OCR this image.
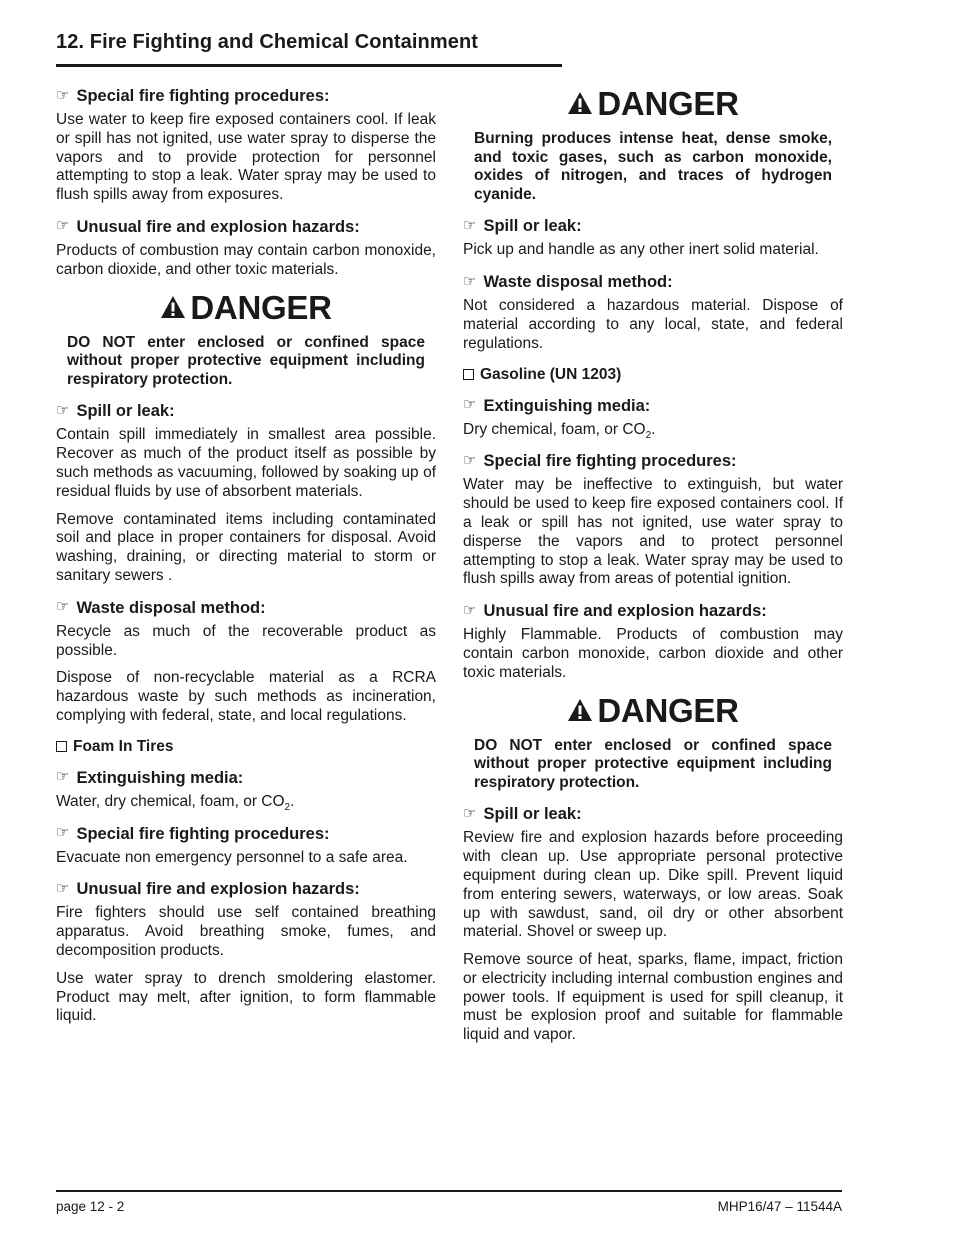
12. Fire Fighting and Chemical Containment
☞ Special fire fighting procedures:

Use water to keep fire exposed containers cool. If leak or spill has not ignited, use water spray to disperse the vapors and to provide protection for personnel attempting to stop a leak. Water spray may be used to flush spills away from exposures.

☞ Unusual fire and explosion hazards:

Products of combustion may contain carbon monoxide, carbon dioxide, and other toxic materials.

DANGER
DO NOT enter enclosed or confined space without proper protective equipment including respiratory protection.
☞ Spill or leak:

Contain spill immediately in smallest area possible. Recover as much of the product itself as possible by such methods as vacuuming, followed by soaking up of residual fluids by use of absorbent materials.

Remove contaminated items including contaminated soil and place in proper containers for disposal. Avoid washing, draining, or directing material to storm or sanitary sewers .

☞ Waste disposal method:

Recycle as much of the recoverable product as possible.

Dispose of non-recyclable material as a RCRA hazardous waste by such methods as incineration, complying with federal, state, and local regulations.

Foam In Tires
☞ Extinguishing media:

Water, dry chemical, foam, or $CO_2$.

☞ Special fire fighting procedures:

Evacuate non emergency personnel to a safe area.

☞ Unusual fire and explosion hazards:

Fire fighters should use self contained breathing apparatus. Avoid breathing smoke, fumes, and decomposition products.

Use water spray to drench smoldering elastomer. Product may melt, after ignition, to form flammable liquid.

DANGER
Burning produces intense heat, dense smoke, and toxic gases, such as carbon monoxide, oxides of nitrogen, and traces of hydrogen cyanide.
☞ Spill or leak:

Pick up and handle as any other inert solid material.

☞ Waste disposal method:

Not considered a hazardous material. Dispose of material according to any local, state, and federal regulations.

Gasoline (UN 1203)
☞ Extinguishing media:

Dry chemical, foam, or $CO_2$.

☞ Special fire fighting procedures:

Water may be ineffective to extinguish, but water should be used to keep fire exposed containers cool. If a leak or spill has not ignited, use water spray to disperse the vapors and to protect personnel attempting to stop a leak. Water spray may be used to flush spills away from areas of potential ignition.

☞ Unusual fire and explosion hazards:

Highly Flammable. Products of combustion may contain carbon monoxide, carbon dioxide and other toxic materials.

DANGER
DO NOT enter enclosed or confined space without proper protective equipment including respiratory protection.
☞ Spill or leak:

Review fire and explosion hazards before proceeding with clean up. Use appropriate personal protective equipment during clean up. Dike spill. Prevent liquid from entering sewers, waterways, or low areas. Soak up with sawdust, sand, oil dry or other absorbent material. Shovel or sweep up.

Remove source of heat, sparks, flame, impact, friction or electricity including internal combustion engines and power tools. If equipment is used for spill cleanup, it must be explosion proof and suitable for flammable liquid and vapor.

page 12 - 2	MHP16/47 – 11544A
